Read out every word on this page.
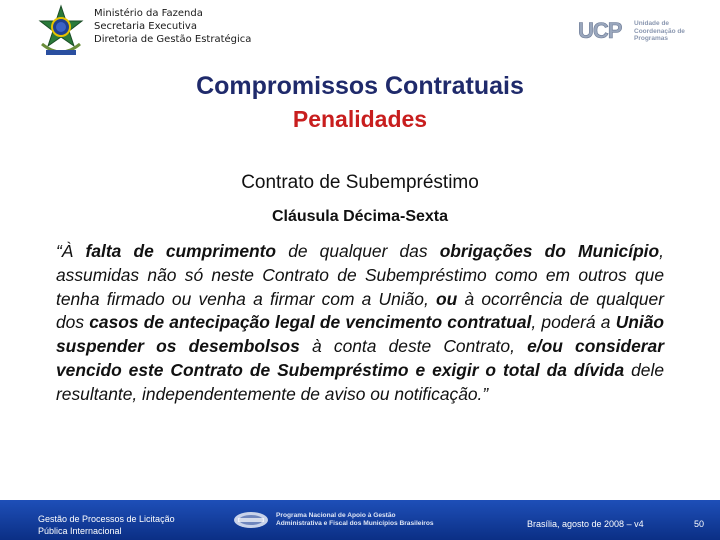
Ministério da Fazenda
Secretaria Executiva
Diretoria de Gestão Estratégica	UCP Unidade de
Coordenação de
Programas
Compromissos Contratuais
Penalidades
Contrato de Subempréstimo
Cláusula Décima-Sexta
“À falta de cumprimento de qualquer das obrigações do Município, assumidas não só neste Contrato de Subempréstimo como em outros que tenha firmado ou venha a firmar com a União, ou à ocorrência de qualquer dos casos de antecipação legal de vencimento contratual, poderá a União suspender os desembolsos à conta deste Contrato, e/ou considerar vencido este Contrato de Subempréstimo e exigir o total da dívida dele resultante, independentemente de aviso ou notificação.”
Gestão de Processos de Licitação
Pública Internacional
Programa Nacional de Apoio à Gestão
Administrativa e Fiscal dos Municípios Brasileiros	Brasília, agosto de 2008 – v4	50
